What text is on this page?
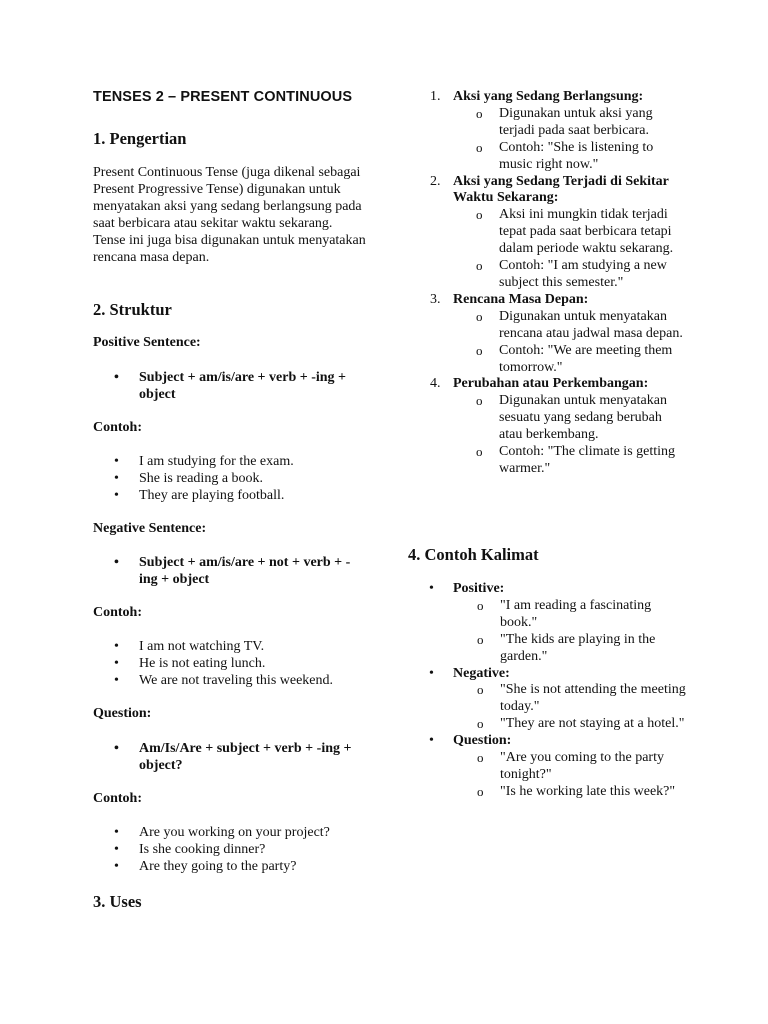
TENSES 2 – PRESENT CONTINUOUS
1. Pengertian
Present Continuous Tense (juga dikenal sebagai Present Progressive Tense) digunakan untuk menyatakan aksi yang sedang berlangsung pada saat berbicara atau sekitar waktu sekarang. Tense ini juga bisa digunakan untuk menyatakan rencana masa depan.
2. Struktur
Positive Sentence:
• Subject + am/is/are + verb + -ing + object
Contoh:
• I am studying for the exam.
• She is reading a book.
• They are playing football.
Negative Sentence:
• Subject + am/is/are + not + verb + -ing + object
Contoh:
• I am not watching TV.
• He is not eating lunch.
• We are not traveling this weekend.
Question:
• Am/Is/Are + subject + verb + -ing + object?
Contoh:
• Are you working on your project?
• Is she cooking dinner?
• Are they going to the party?
3. Uses
1. Aksi yang Sedang Berlangsung:
o Digunakan untuk aksi yang terjadi pada saat berbicara.
o Contoh: "She is listening to music right now."
2. Aksi yang Sedang Terjadi di Sekitar Waktu Sekarang:
o Aksi ini mungkin tidak terjadi tepat pada saat berbicara tetapi dalam periode waktu sekarang.
o Contoh: "I am studying a new subject this semester."
3. Rencana Masa Depan:
o Digunakan untuk menyatakan rencana atau jadwal masa depan.
o Contoh: "We are meeting them tomorrow."
4. Perubahan atau Perkembangan:
o Digunakan untuk menyatakan sesuatu yang sedang berubah atau berkembang.
o Contoh: "The climate is getting warmer."
4. Contoh Kalimat
• Positive:
o "I am reading a fascinating book."
o "The kids are playing in the garden."
• Negative:
o "She is not attending the meeting today."
o "They are not staying at a hotel."
• Question:
o "Are you coming to the party tonight?"
o "Is he working late this week?"
